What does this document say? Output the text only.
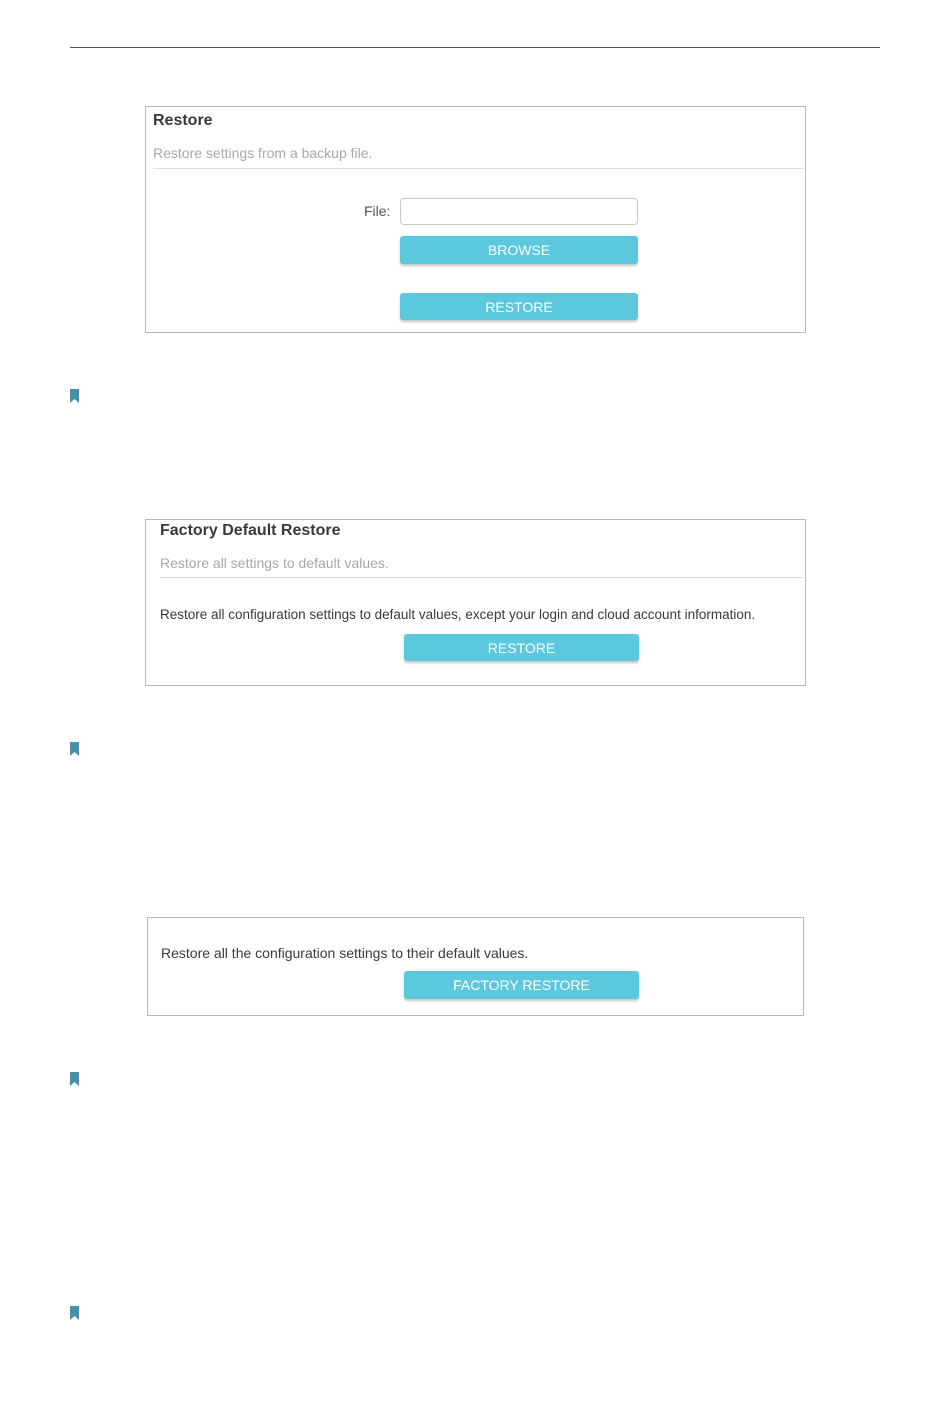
Restore
Restore settings from a backup file.
File:
BROWSE
RESTORE
Factory Default Restore
Restore all settings to default values.
Restore all configuration settings to default values, except your login and cloud account information.
RESTORE
Restore all the configuration settings to their default values.
FACTORY RESTORE
